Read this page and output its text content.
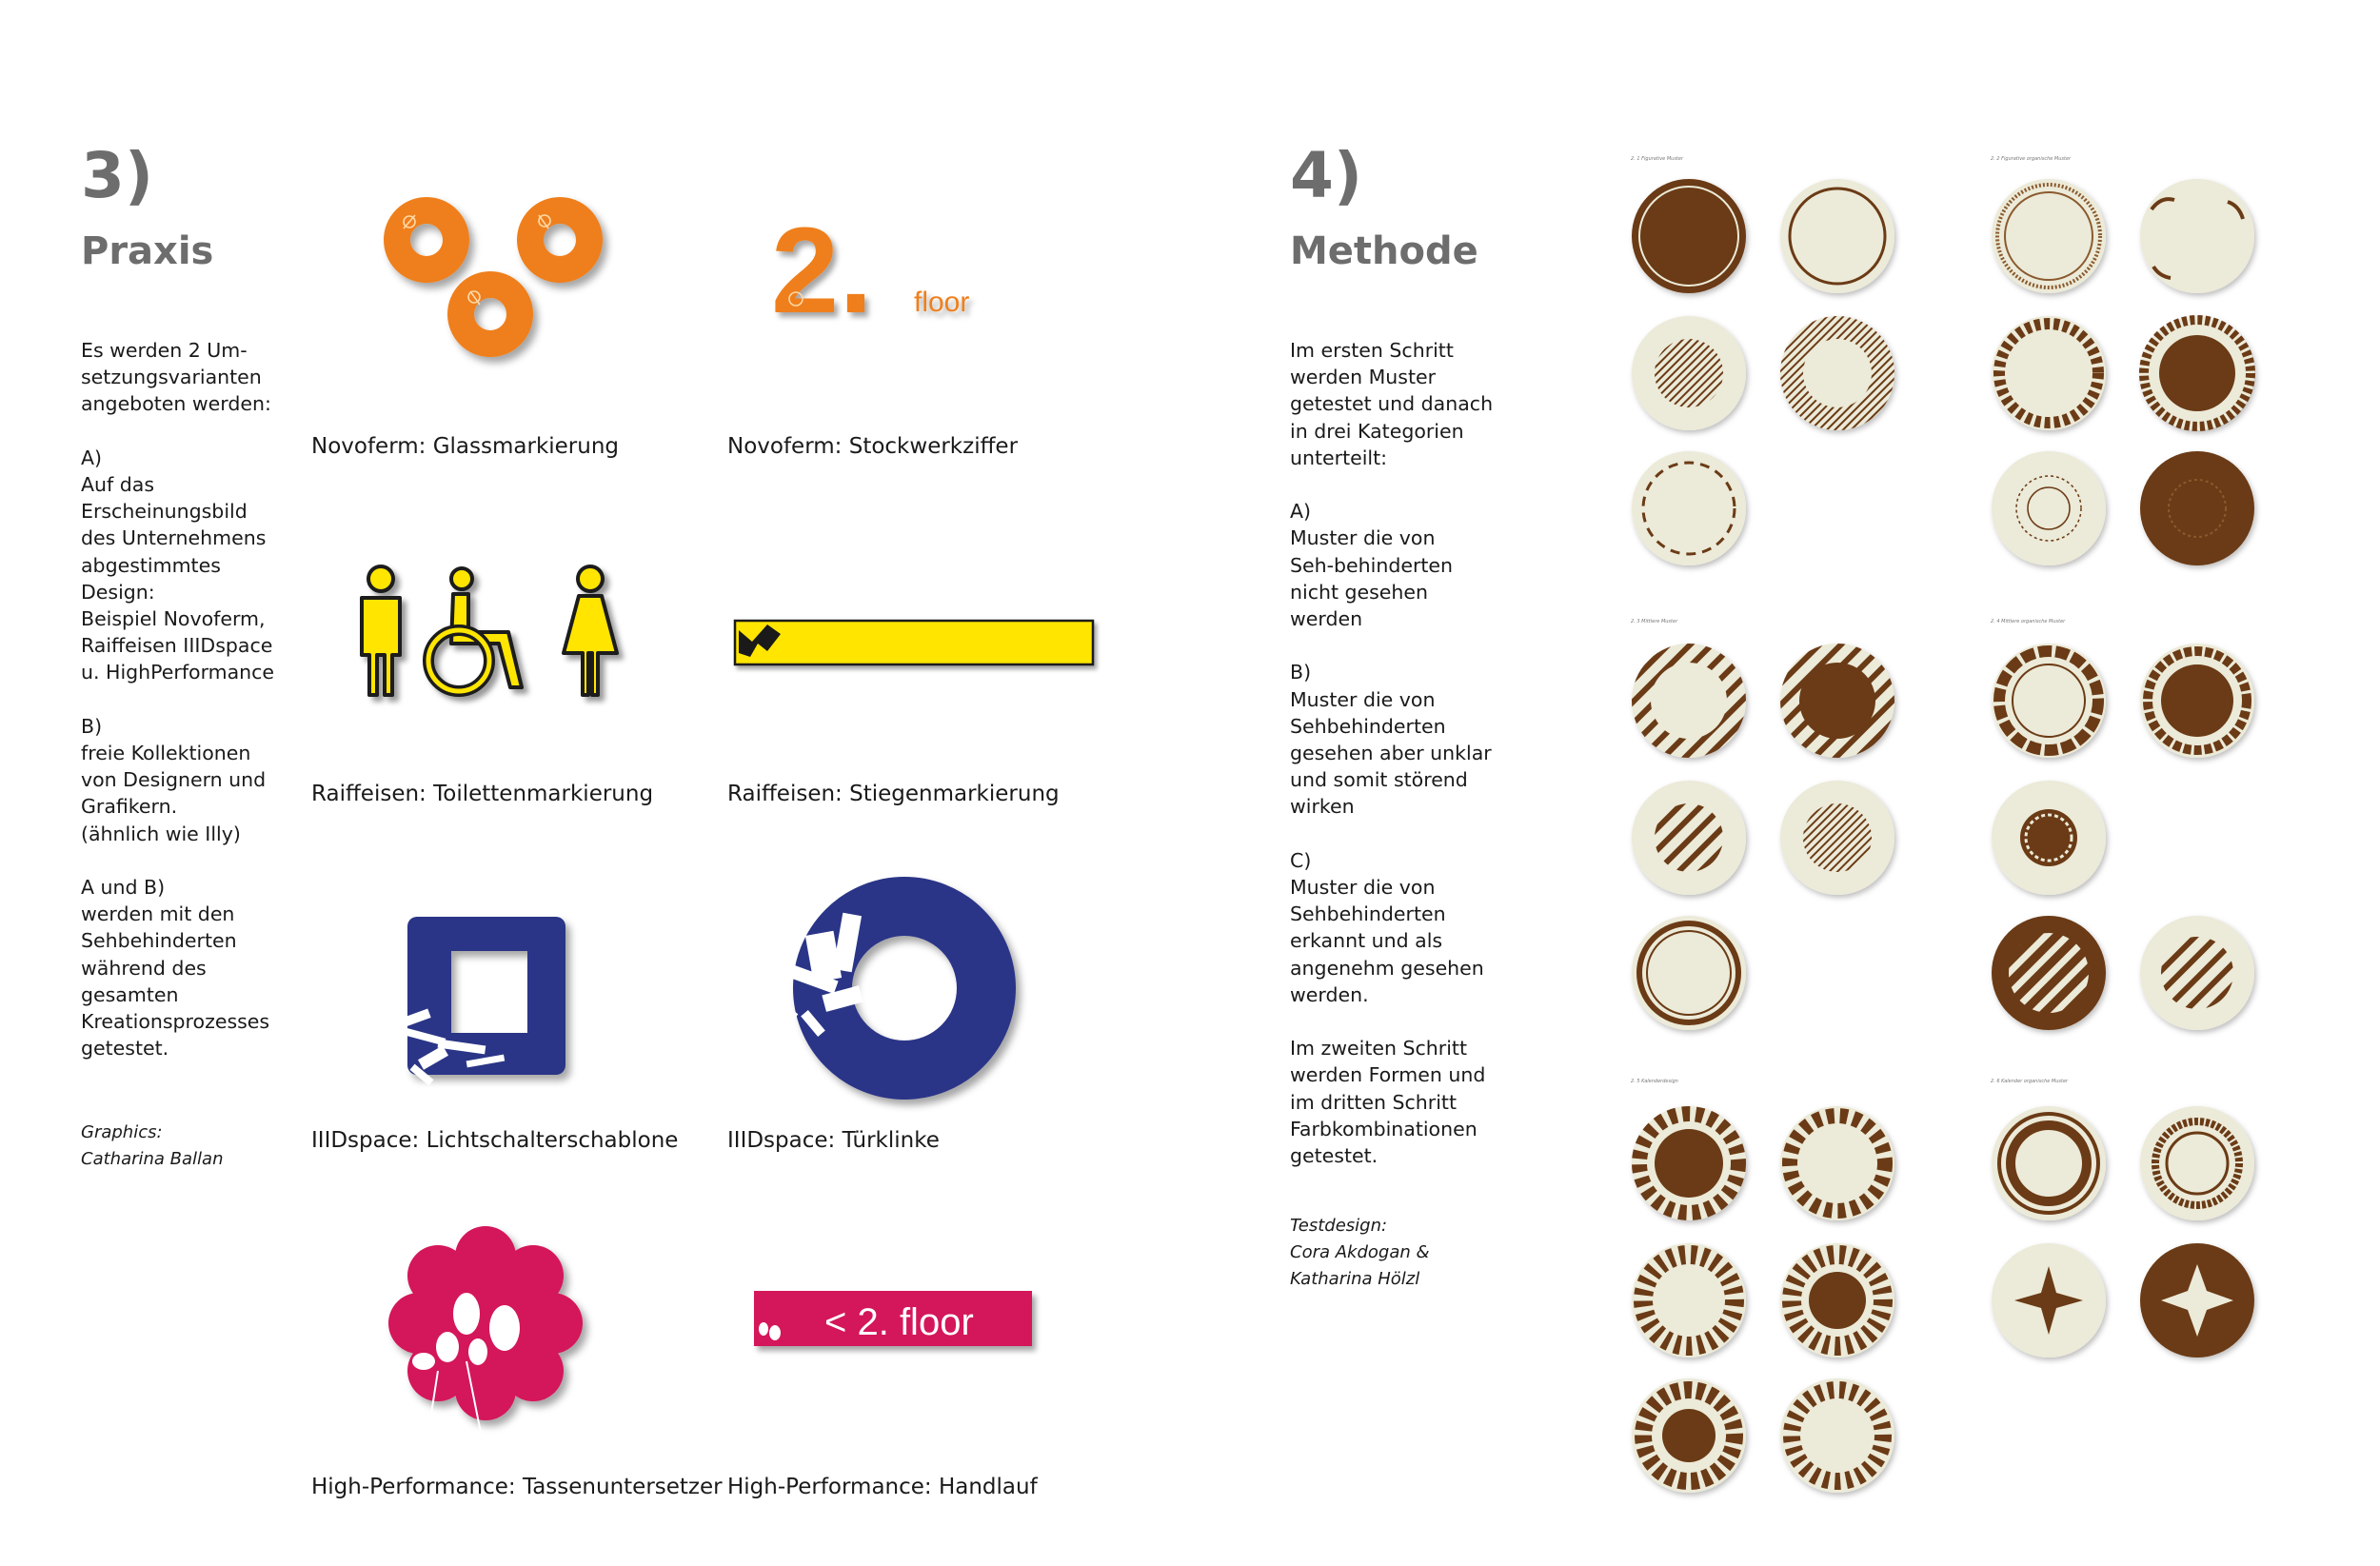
3)
Praxis
Es werden 2 Um-
setzungsvarianten
angeboten werden:

A)
Auf das
Erscheinungsbild
des Unternehmens
abgestimmtes
Design:
Beispiel Novoferm,
Raiffeisen IIIDspace
u. HighPerformance

B)
freie Kollektionen
von Designern und
Grafikern.
(ähnlich wie Illy)

A und B)
werden mit den
Sehbehinderten
während des
gesamten
Kreationsprozesses
getestet.
Graphics:
Catharina Ballan
2. floor
< 2. floor
Novoferm: Glassmarkierung	Novoferm: Stockwerkziffer
Raiffeisen: Toilettenmarkierung	Raiffeisen: Stiegenmarkierung
IIIDspace: Lichtschalterschablone IIIDspace: Türklinke
High-Performance: Tassenuntersetzer High-Performance: Handlauf
4)
Methode
Im ersten Schritt
werden Muster
getestet und danach
in drei Kategorien
unterteilt:

A)
Muster die von
Seh-behinderten
nicht gesehen
werden

B)
Muster die von
Sehbehinderten
gesehen aber unklar
und somit störend
wirken

C)
Muster die von
Sehbehinderten
erkannt und als
angenehm gesehen
werden.

Im zweiten Schritt
werden Formen und
im dritten Schritt
Farbkombinationen
getestet.
Testdesign:
Cora Akdogan &
Katharina Hölzl
2. 1 Figurative Muster	2. 2 Figurative organische Muster
2. 3 Mittlere Muster	2. 4 Mittlere organische Muster
2. 5 Kalenderdesign	2. 6 Kalender organische Muster
